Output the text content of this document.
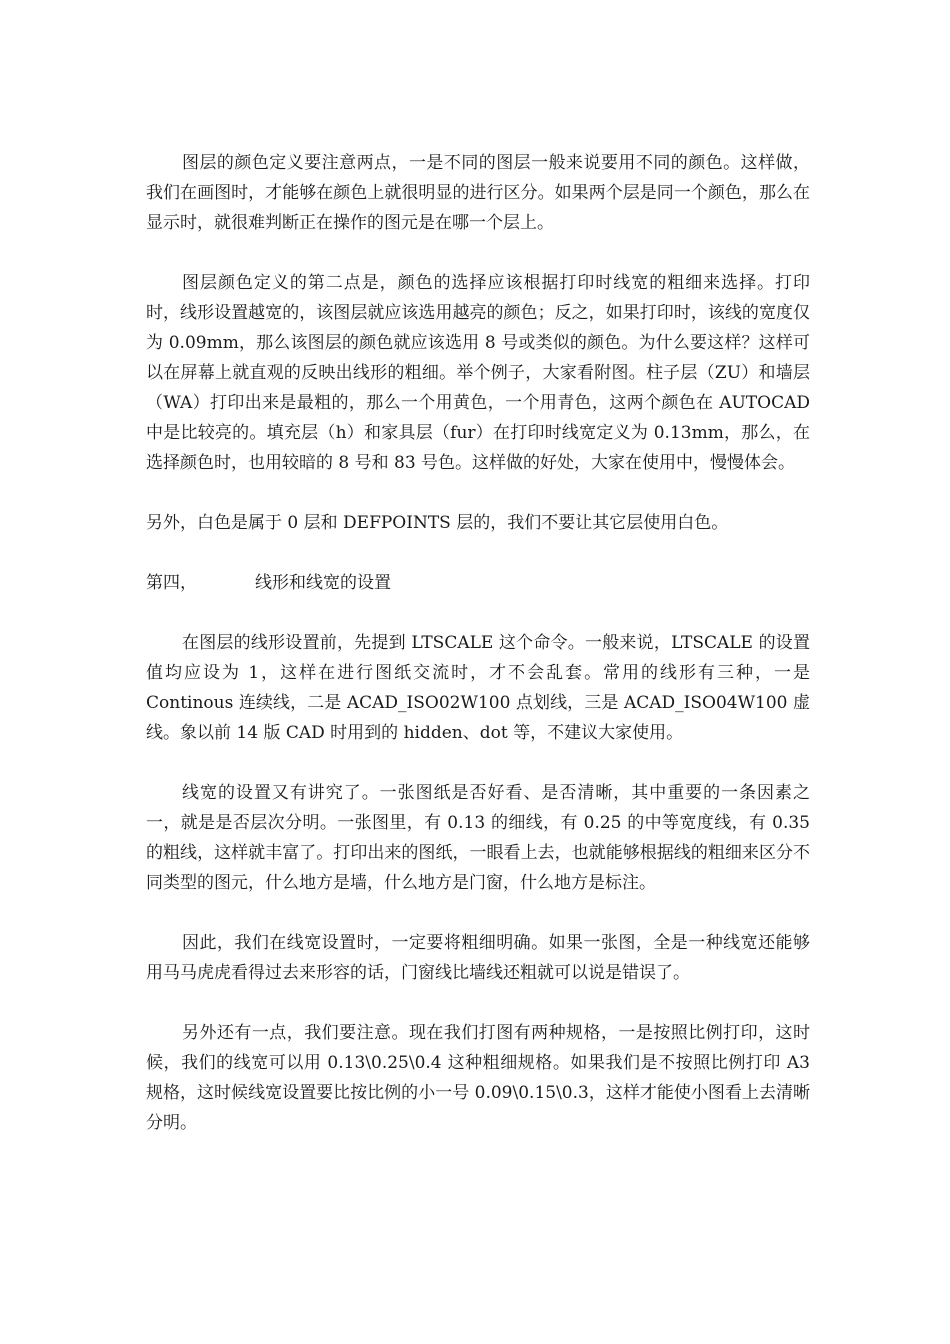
图层的颜色定义要注意两点，一是不同的图层一般来说要用不同的颜色。这样做，我们在画图时，才能够在颜色上就很明显的进行区分。如果两个层是同一个颜色，那么在显示时，就很难判断正在操作的图元是在哪一个层上。

图层颜色定义的第二点是，颜色的选择应该根据打印时线宽的粗细来选择。打印时，线形设置越宽的，该图层就应该选用越亮的颜色；反之，如果打印时，该线的宽度仅为 0.09mm，那么该图层的颜色就应该选用 8 号或类似的颜色。为什么要这样？这样可以在屏幕上就直观的反映出线形的粗细。举个例子，大家看附图。柱子层（ZU）和墙层（WA）打印出来是最粗的，那么一个用黄色，一个用青色，这两个颜色在 AUTOCAD 中是比较亮的。填充层（h）和家具层（fur）在打印时线宽定义为 0.13mm，那么，在选择颜色时，也用较暗的 8 号和 83 号色。这样做的好处，大家在使用中，慢慢体会。

另外，白色是属于 0 层和 DEFPOINTS 层的，我们不要让其它层使用白色。

第四，	线形和线宽的设置

在图层的线形设置前，先提到 LTSCALE 这个命令。一般来说，LTSCALE 的设置值均应设为 1，这样在进行图纸交流时，才不会乱套。常用的线形有三种，一是 Continous 连续线，二是 ACAD_ISO02W100 点划线，三是 ACAD_ISO04W100 虚线。象以前 14 版 CAD 时用到的 hidden、dot 等，不建议大家使用。

线宽的设置又有讲究了。一张图纸是否好看、是否清晰，其中重要的一条因素之一，就是是否层次分明。一张图里，有 0.13 的细线，有 0.25 的中等宽度线，有 0.35 的粗线，这样就丰富了。打印出来的图纸，一眼看上去，也就能够根据线的粗细来区分不同类型的图元，什么地方是墙，什么地方是门窗，什么地方是标注。

因此，我们在线宽设置时，一定要将粗细明确。如果一张图，全是一种线宽还能够用马马虎虎看得过去来形容的话，门窗线比墙线还粗就可以说是错误了。

另外还有一点，我们要注意。现在我们打图有两种规格，一是按照比例打印，这时候，我们的线宽可以用 0.13\0.25\0.4 这种粗细规格。如果我们是不按照比例打印 A3 规格，这时候线宽设置要比按比例的小一号 0.09\0.15\0.3，这样才能使小图看上去清晰分明。
